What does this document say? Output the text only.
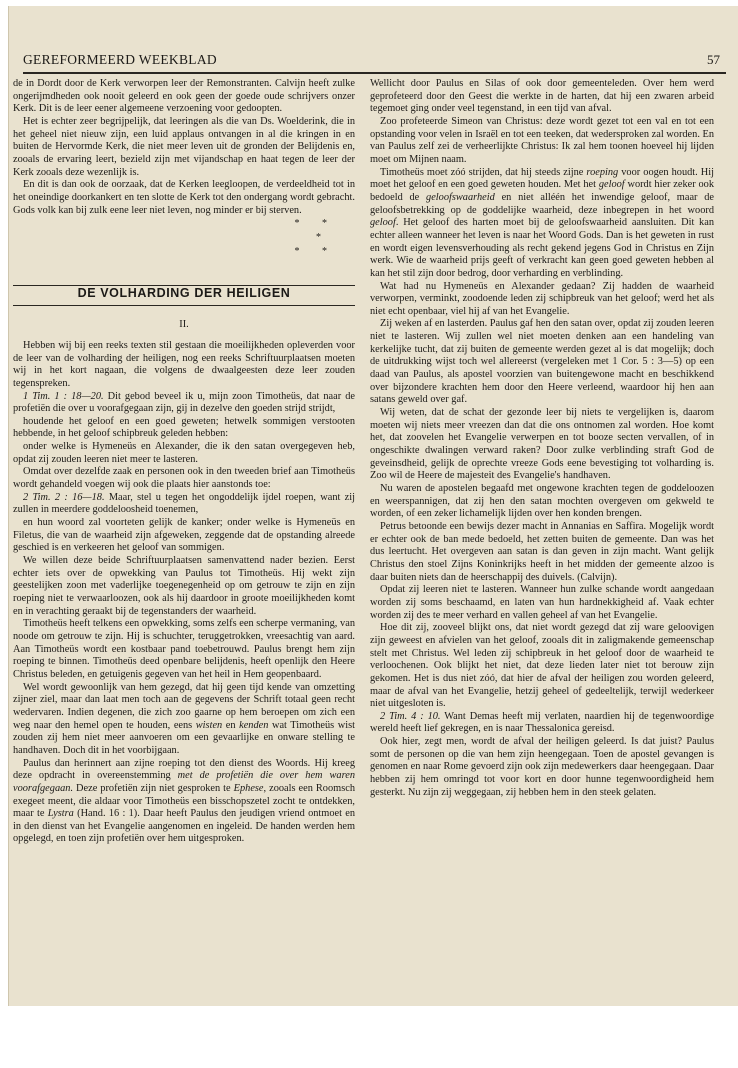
GEREFORMEERD WEEKBLAD	57

de in Dordt door de Kerk verworpen leer der Remonstranten. Calvijn heeft zulke ongerijmdheden ook nooit geleerd en ook geen der goede oude schrijvers onzer Kerk. Dit is de leer eener algemeene verzoening voor gedoopten.

Het is echter zeer begrijpelijk, dat leeringen als die van Ds. Woelderink, die in het geheel niet nieuw zijn, een luid applaus ontvangen in al die kringen in en buiten de Hervormde Kerk, die niet meer leven uit de gronden der Belijdenis en, zooals de ervaring leert, bezield zijn met vijandschap en haat tegen de leer der Kerk zooals deze wezenlijk is.

En dit is dan ook de oorzaak, dat de Kerken leegloopen, de verdeeldheid tot in het oneindige doorkankert en ten slotte de Kerk tot den ondergang wordt gebracht. Gods volk kan bij zulk eene leer niet leven, nog minder er bij sterven.

* *
*
* *
DE VOLHARDING DER HEILIGEN
II.

Hebben wij bij een reeks texten stil gestaan die moeilijkheden opleverden voor de leer van de volharding der heiligen, nog een reeks Schriftuurplaatsen moeten wij in het kort nagaan, die volgens de dwaalgeesten deze leer zouden tegenspreken.

1 Tim. 1 : 18—20. Dit gebod beveel ik u, mijn zoon Timotheüs, dat naar de profetiën die over u voorafgegaan zijn, gij in dezelve den goeden strijd strijdt,

houdende het geloof en een goed geweten; hetwelk sommigen verstooten hebbende, in het geloof schipbreuk geleden hebben:

onder welke is Hymeneüs en Alexander, die ik den satan overgegeven heb, opdat zij zouden leeren niet meer te lasteren.

Omdat over dezelfde zaak en personen ook in den tweeden brief aan Timotheüs wordt gehandeld voegen wij ook die plaats hier aanstonds toe:

2 Tim. 2 : 16—18. Maar, stel u tegen het ongoddelijk ijdel roepen, want zij zullen in meerdere goddeloosheid toenemen,

en hun woord zal voorteten gelijk de kanker; onder welke is Hymeneüs en Filetus, die van de waarheid zijn afgeweken, zeggende dat de opstanding alreede geschied is en verkeeren het geloof van sommigen.

We willen deze beide Schriftuurplaatsen samenvattend nader bezien. Eerst echter iets over de opwekking van Paulus tot Timotheüs. Hij wekt zijn geestelijken zoon met vaderlijke toegenegenheid op om getrouw te zijn en zijn roeping niet te verwaarloozen, ook als hij daardoor in groote moeilijkheden komt en in verachting geraakt bij de tegenstanders der waarheid.

Timotheüs heeft telkens een opwekking, soms zelfs een scherpe vermaning, van noode om getrouw te zijn. Hij is schuchter, teruggetrokken, vreesachtig van aard. Aan Timotheüs wordt een kostbaar pand toebetrouwd. Paulus brengt hem zijn roeping te binnen. Timotheüs deed openbare belijdenis, heeft openlijk den Heere Christus beleden, en getuigenis gegeven van het heil in Hem geopenbaard.

Wel wordt gewoonlijk van hem gezegd, dat hij geen tijd kende van omzetting zijner ziel, maar dan laat men toch aan de gegevens der Schrift totaal geen recht wedervaren. Indien degenen, die zich zoo gaarne op hem beroepen om zich een weg naar den hemel open te houden, eens wisten en kenden wat Timotheüs wist zouden zij hem niet meer aanvoeren om een gevaarlijke en onware stelling te handhaven. Doch dit in het voorbijgaan.

Paulus dan herinnert aan zijne roeping tot den dienst des Woords. Hij kreeg deze opdracht in overeenstemming met de profetiën die over hem waren voorafgegaan. Deze profetiën zijn niet gesproken te Ephese, zooals een Roomsch exegeet meent, die aldaar voor Timotheüs een bisschopszetel zocht te ontdekken, maar te Lystra (Hand. 16 : 1). Daar heeft Paulus den jeudigen vriend ontmoet en in den dienst van het Evangelie aangenomen en ingeleid. De handen werden hem opgelegd, en toen zijn profetiën over hem uitgesproken.

Wellicht door Paulus en Silas of ook door gemeenteleden. Over hem werd geprofeteerd door den Geest die werkte in de harten, dat hij een zwaren arbeid tegemoet ging onder veel tegenstand, in een tijd van afval.

Zoo profeteerde Simeon van Christus: deze wordt gezet tot een val en tot een opstanding voor velen in Israël en tot een teeken, dat wedersproken zal worden. En van Paulus zelf zei de verheerlijkte Christus: Ik zal hem toonen hoeveel hij lijden moet om Mijnen naam.

Timotheüs moet zóó strijden, dat hij steeds zijne roeping voor oogen houdt. Hij moet het geloof en een goed geweten houden. Met het geloof wordt hier zeker ook bedoeld de geloofswaarheid en niet alléén het inwendige geloof, maar de geloofsbetrekking op de goddelijke waarheid, deze inbegrepen in het woord geloof. Het geloof des harten moet bij de geloofswaarheid aansluiten. Dit kan echter alleen wanneer het leven is naar het Woord Gods. Dan is het geweten in rust en wordt eigen levensverhouding als recht gekend jegens God in Christus en Zijn werk. Wie de waarheid prijs geeft of verkracht kan geen goed geweten hebben al kan het stil zijn door bedrog, door verharding en verblinding.

Wat had nu Hymeneüs en Alexander gedaan? Zij hadden de waarheid verworpen, verminkt, zoodoende leden zij schipbreuk van het geloof; werd het als niet echt openbaar, viel hij af van het Evangelie.

Zij weken af en lasterden. Paulus gaf hen den satan over, opdat zij zouden leeren niet te lasteren. Wij zullen wel niet moeten denken aan een handeling van kerkelijke tucht, dat zij buiten de gemeente werden gezet al is dat mogelijk; doch de uitdrukking wijst toch wel allereerst (vergeleken met 1 Cor. 5 : 3—5) op een daad van Paulus, als apostel voorzien van buitengewone macht en beschikkend over bijzondere krachten hem door den Heere verleend, waardoor hij hen aan satans geweld over gaf.

Wij weten, dat de schat der gezonde leer bij niets te vergelijken is, daarom moeten wij niets meer vreezen dan dat die ons ontnomen zal worden. Hoe komt het, dat zoovelen het Evangelie verwerpen en tot booze secten vervallen, of in ongeschikte dwalingen verward raken? Door zulke verblinding straft God de geveinsdheid, gelijk de oprechte vreeze Gods eene bevestiging tot volharding is. Zoo wil de Heere de majesteit des Evangelie's handhaven.

Nu waren de apostelen begaafd met ongewone krachten tegen de goddeloozen en weerspannigen, dat zij hen den satan mochten overgeven om gekweld te worden, of een zeker lichamelijk lijden over hen konden brengen.

Petrus betoonde een bewijs dezer macht in Annanias en Saffira. Mogelijk wordt er echter ook de ban mede bedoeld, het zetten buiten de gemeente. Dan was het dus leertucht. Het overgeven aan satan is dan geven in zijn macht. Want gelijk Christus den stoel Zijns Koninkrijks heeft in het midden der gemeente alzoo is daar buiten niets dan de heerschappij des duivels. (Calvijn).

Opdat zij leeren niet te lasteren. Wanneer hun zulke schande wordt aangedaan worden zij soms beschaamd, en laten van hun hardnekkigheid af. Vaak echter worden zij des te meer verhard en vallen geheel af van het Evangelie.

Hoe dit zij, zooveel blijkt ons, dat niet wordt gezegd dat zij ware geloovigen zijn geweest en afvielen van het geloof, zooals dit in zaligmakende gemeenschap stelt met Christus. Wel leden zij schipbreuk in het geloof door de waarheid te verloochenen. Ook blijkt het niet, dat deze lieden later niet tot berouw zijn gekomen. Het is dus niet zóó, dat hier de afval der heiligen zou worden geleerd, maar de afval van het Evangelie, hetzij geheel of gedeeltelijk, terwijl wederkeer niet uitgesloten is.

2 Tim. 4 : 10. Want Demas heeft mij verlaten, naardien hij de tegenwoordige wereld heeft lief gekregen, en is naar Thessalonica gereisd.

Ook hier, zegt men, wordt de afval der heiligen geleerd. Is dat juist? Paulus somt de personen op die van hem zijn heengegaan. Toen de apostel gevangen is genomen en naar Rome gevoerd zijn ook zijn medewerkers daar heengegaan. Daar hebben zij hem omringd tot voor kort en door hunne tegenwoordigheid hem gesterkt. Nu zijn zij weggegaan, zij hebben hem in den steek gelaten.
